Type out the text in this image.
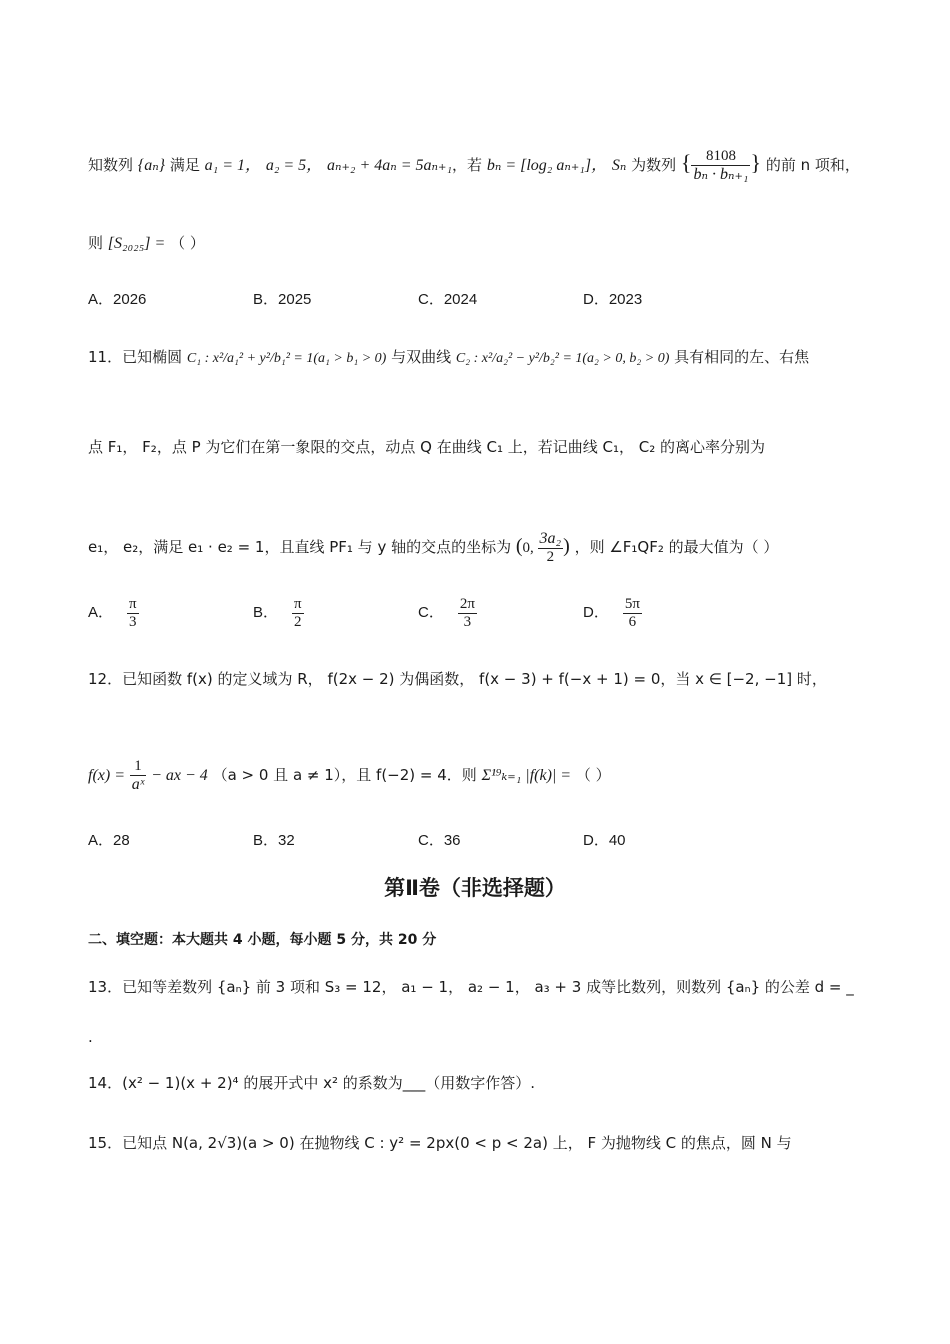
知数列 {aₙ} 满足 a₁ = 1， a₂ = 5， aₙ₊₂ + 4aₙ = 5aₙ₊₁，若 bₙ = [log₂ aₙ₊₁]， Sₙ 为数列 { $\frac{8108}{\text{bₙ · bₙ₊₁}}$ } 的前 n 项和，
则 [S₂₀₂₅] = （ ）
A．2026	B．2025	C．2024	D．2023
11．已知椭圆 C₁ : x²/a₁² + y²/b₁² = 1(a₁ > b₁ > 0) 与双曲线 C₂ : x²/a₂² − y²/b₂² = 1(a₂ > 0, b₂ > 0) 具有相同的左、右焦
点 F₁， F₂，点 P 为它们在第一象限的交点，动点 Q 在曲线 C₁ 上，若记曲线 C₁， C₂ 的离心率分别为
e₁， e₂，满足 e₁ · e₂ = 1，且直线 PF₁ 与 y 轴的交点的坐标为 (0, $\frac{\text{3a₂}}{2}$ ) ，则 ∠F₁QF₂ 的最大值为（ ）
A． $\frac{\pi}{3}$	B． $\frac{\pi}{2}$	C． $\frac{2\pi}{3}$	D． $\frac{5\pi}{6}$
12．已知函数 f(x) 的定义域为 R， f(2x − 2) 为偶函数， f(x − 3) + f(−x + 1) = 0，当 x ∈ [−2, −1] 时，
$f(x) = \frac{1}{\text{aˣ}}$ − ax − 4 （a > 0 且 a ≠ 1），且 f(−2) = 4．则 Σ¹⁹ₖ₌₁ |f(k)| = （ ）
A．28	B．32	C．36	D．40
第Ⅱ卷（非选择题）
二、填空题：本大题共 4 小题，每小题 5 分，共 20 分
13．已知等差数列 {aₙ} 前 3 项和 S₃ = 12， a₁ − 1， a₂ − 1， a₃ + 3 成等比数列，则数列 {aₙ} 的公差 d = _
.
14．(x² − 1)(x + 2)⁴ 的展开式中 x² 的系数为___（用数字作答）.
15．已知点 N(a, 2√3)(a > 0) 在抛物线 C : y² = 2px(0 < p < 2a) 上， F 为抛物线 C 的焦点，圆 N 与
